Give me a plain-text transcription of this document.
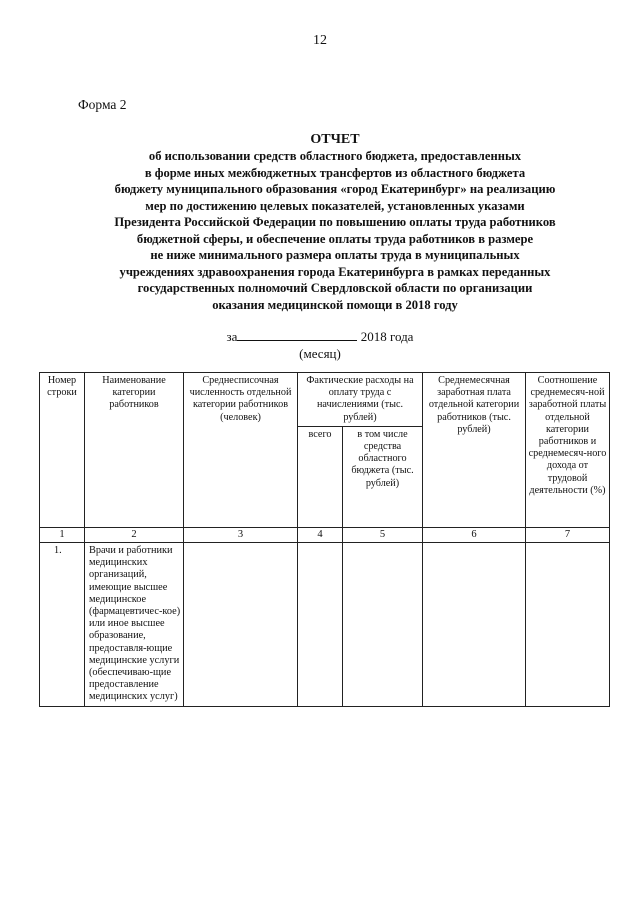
12
Форма 2
ОТЧЕТ
об использовании средств областного бюджета, предоставленных
в форме иных межбюджетных трансфертов из областного бюджета
бюджету муниципального образования «город Екатеринбург» на реализацию
мер по достижению целевых показателей, установленных указами
Президента Российской Федерации по повышению оплаты труда работников
бюджетной сферы, и обеспечение оплаты труда работников в размере
не ниже минимального размера оплаты труда в муниципальных
учреждениях здравоохранения города Екатеринбурга в рамках переданных
государственных полномочий Свердловской области по организации
оказания медицинской помощи в 2018 году
за	2018 года
(месяц)
Номер строки	Наименование категории работников	Среднесписочная численность отдельной категории работников (человек)	Фактические расходы на оплату труда с начислениями (тыс. рублей)		Среднемесячная заработная плата отдельной категории работников (тыс. рублей)	Соотношение среднемесяч-ной заработной платы отдельной категории работников и среднемесяч-ного дохода от трудовой деятельности (%)
			всего	в том числе средства областного бюджета (тыс. рублей)		
1	2	3	4	5	6	7
1.	Врачи и работники медицинских организаций, имеющие высшее медицинское (фармацевтичес-кое) или иное высшее образование, предоставля-ющие медицинские услуги (обеспечиваю-щие предоставление медицинских услуг)					
